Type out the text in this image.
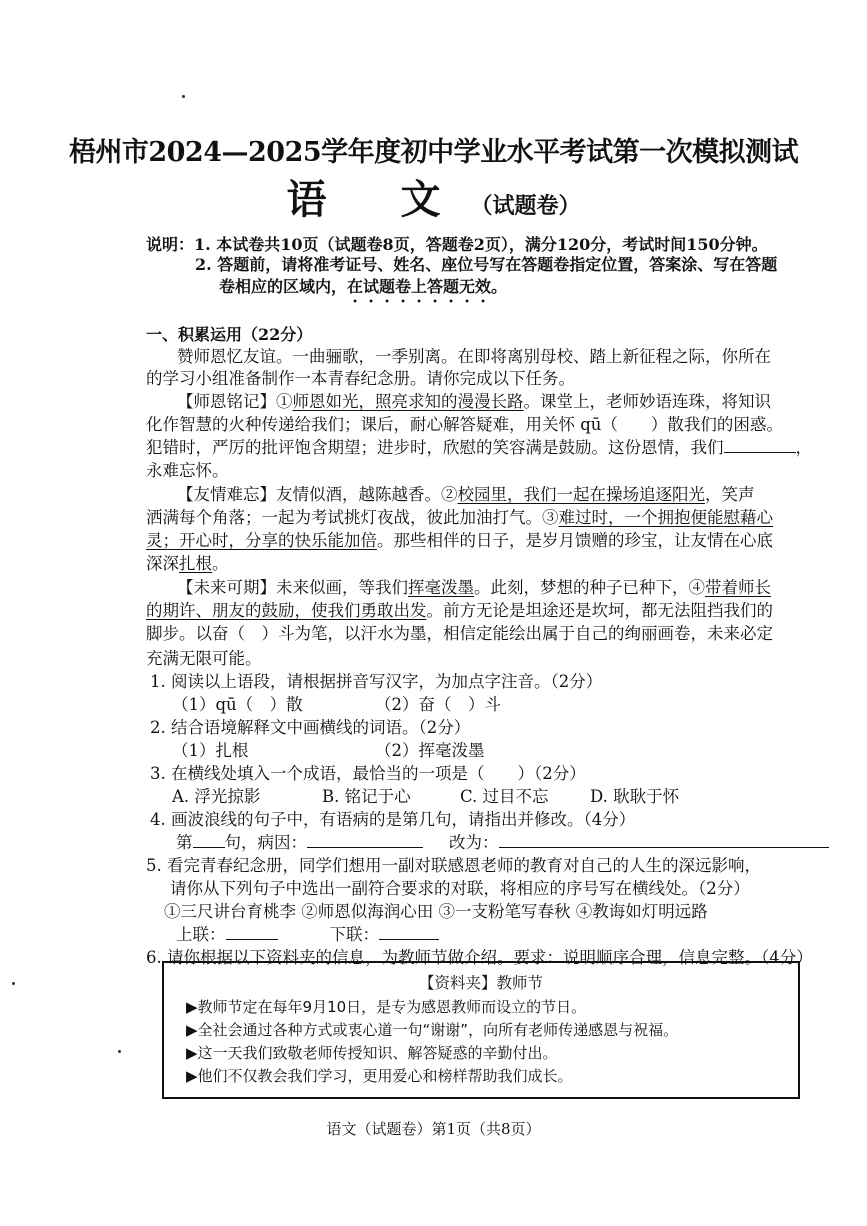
梧州市2024—2025学年度初中学业水平考试第一次模拟测试
语 文（试题卷）
说明：1. 本试卷共10页（试题卷8页，答题卷2页），满分120分，考试时间150分钟。
2. 答题前，请将准考证号、姓名、座位号写在答题卷指定位置，答案涂、写在答题
卷相应的区域内，在试题卷上答题无效。
一、积累运用（22分）
赞师恩忆友谊。一曲骊歌，一季别离。在即将离别母校、踏上新征程之际，你所在
的学习小组准备制作一本青春纪念册。请你完成以下任务。
【师恩铭记】①师恩如光，照亮求知的漫漫长路。课堂上，老师妙语连珠，将知识
化作智慧的火种传递给我们；课后，耐心解答疑难，用关怀 qū（　　）散我们的困惑。
犯错时，严厉的批评饱含期望；进步时，欣慰的笑容满是鼓励。这份恩情，我们	，
永难忘怀。
【友情难忘】友情似酒，越陈越香。②校园里，我们一起在操场追逐阳光，笑声
洒满每个角落；一起为考试挑灯夜战，彼此加油打气。③难过时，一个拥抱便能慰藉心
灵；开心时，分享的快乐能加倍。那些相伴的日子，是岁月馈赠的珍宝，让友情在心底
深深扎根。
【未来可期】未来似画，等我们挥毫泼墨。此刻，梦想的种子已种下，④带着师长
的期许、朋友的鼓励，使我们勇敢出发。前方无论是坦途还是坎坷，都无法阻挡我们的
脚步。以奋（　）斗为笔，以汗水为墨，相信定能绘出属于自己的绚丽画卷，未来必定
充满无限可能。
1. 阅读以上语段，请根据拼音写汉字，为加点字注音。（2分）
（1）qū（　）散	（2）奋（　）斗
2. 结合语境解释文中画横线的词语。（2分）
（1）扎根	（2）挥毫泼墨
3. 在横线处填入一个成语，最恰当的一项是（　　）（2分）
A. 浮光掠影	B. 铭记于心	C. 过目不忘	D. 耿耿于怀
4. 画波浪线的句子中，有语病的是第几句，请指出并修改。（4分）
第 句，病因：	改为：
5. 看完青春纪念册，同学们想用一副对联感恩老师的教育对自己的人生的深远影响，
请你从下列句子中选出一副符合要求的对联，将相应的序号写在横线处。（2分）
①三尺讲台育桃李 ②师恩似海润心田 ③一支粉笔写春秋 ④教诲如灯明远路
上联：	下联：
6. 请你根据以下资料夹的信息，为教师节做介绍。要求：说明顺序合理，信息完整。（4分）
【资料夹】教师节
▶教师节定在每年9月10日，是专为感恩教师而设立的节日。
▶全社会通过各种方式或衷心道一句“谢谢”，向所有老师传递感恩与祝福。
▶这一天我们致敬老师传授知识、解答疑惑的辛勤付出。
▶他们不仅教会我们学习，更用爱心和榜样帮助我们成长。
语文（试题卷）第1页（共8页）
